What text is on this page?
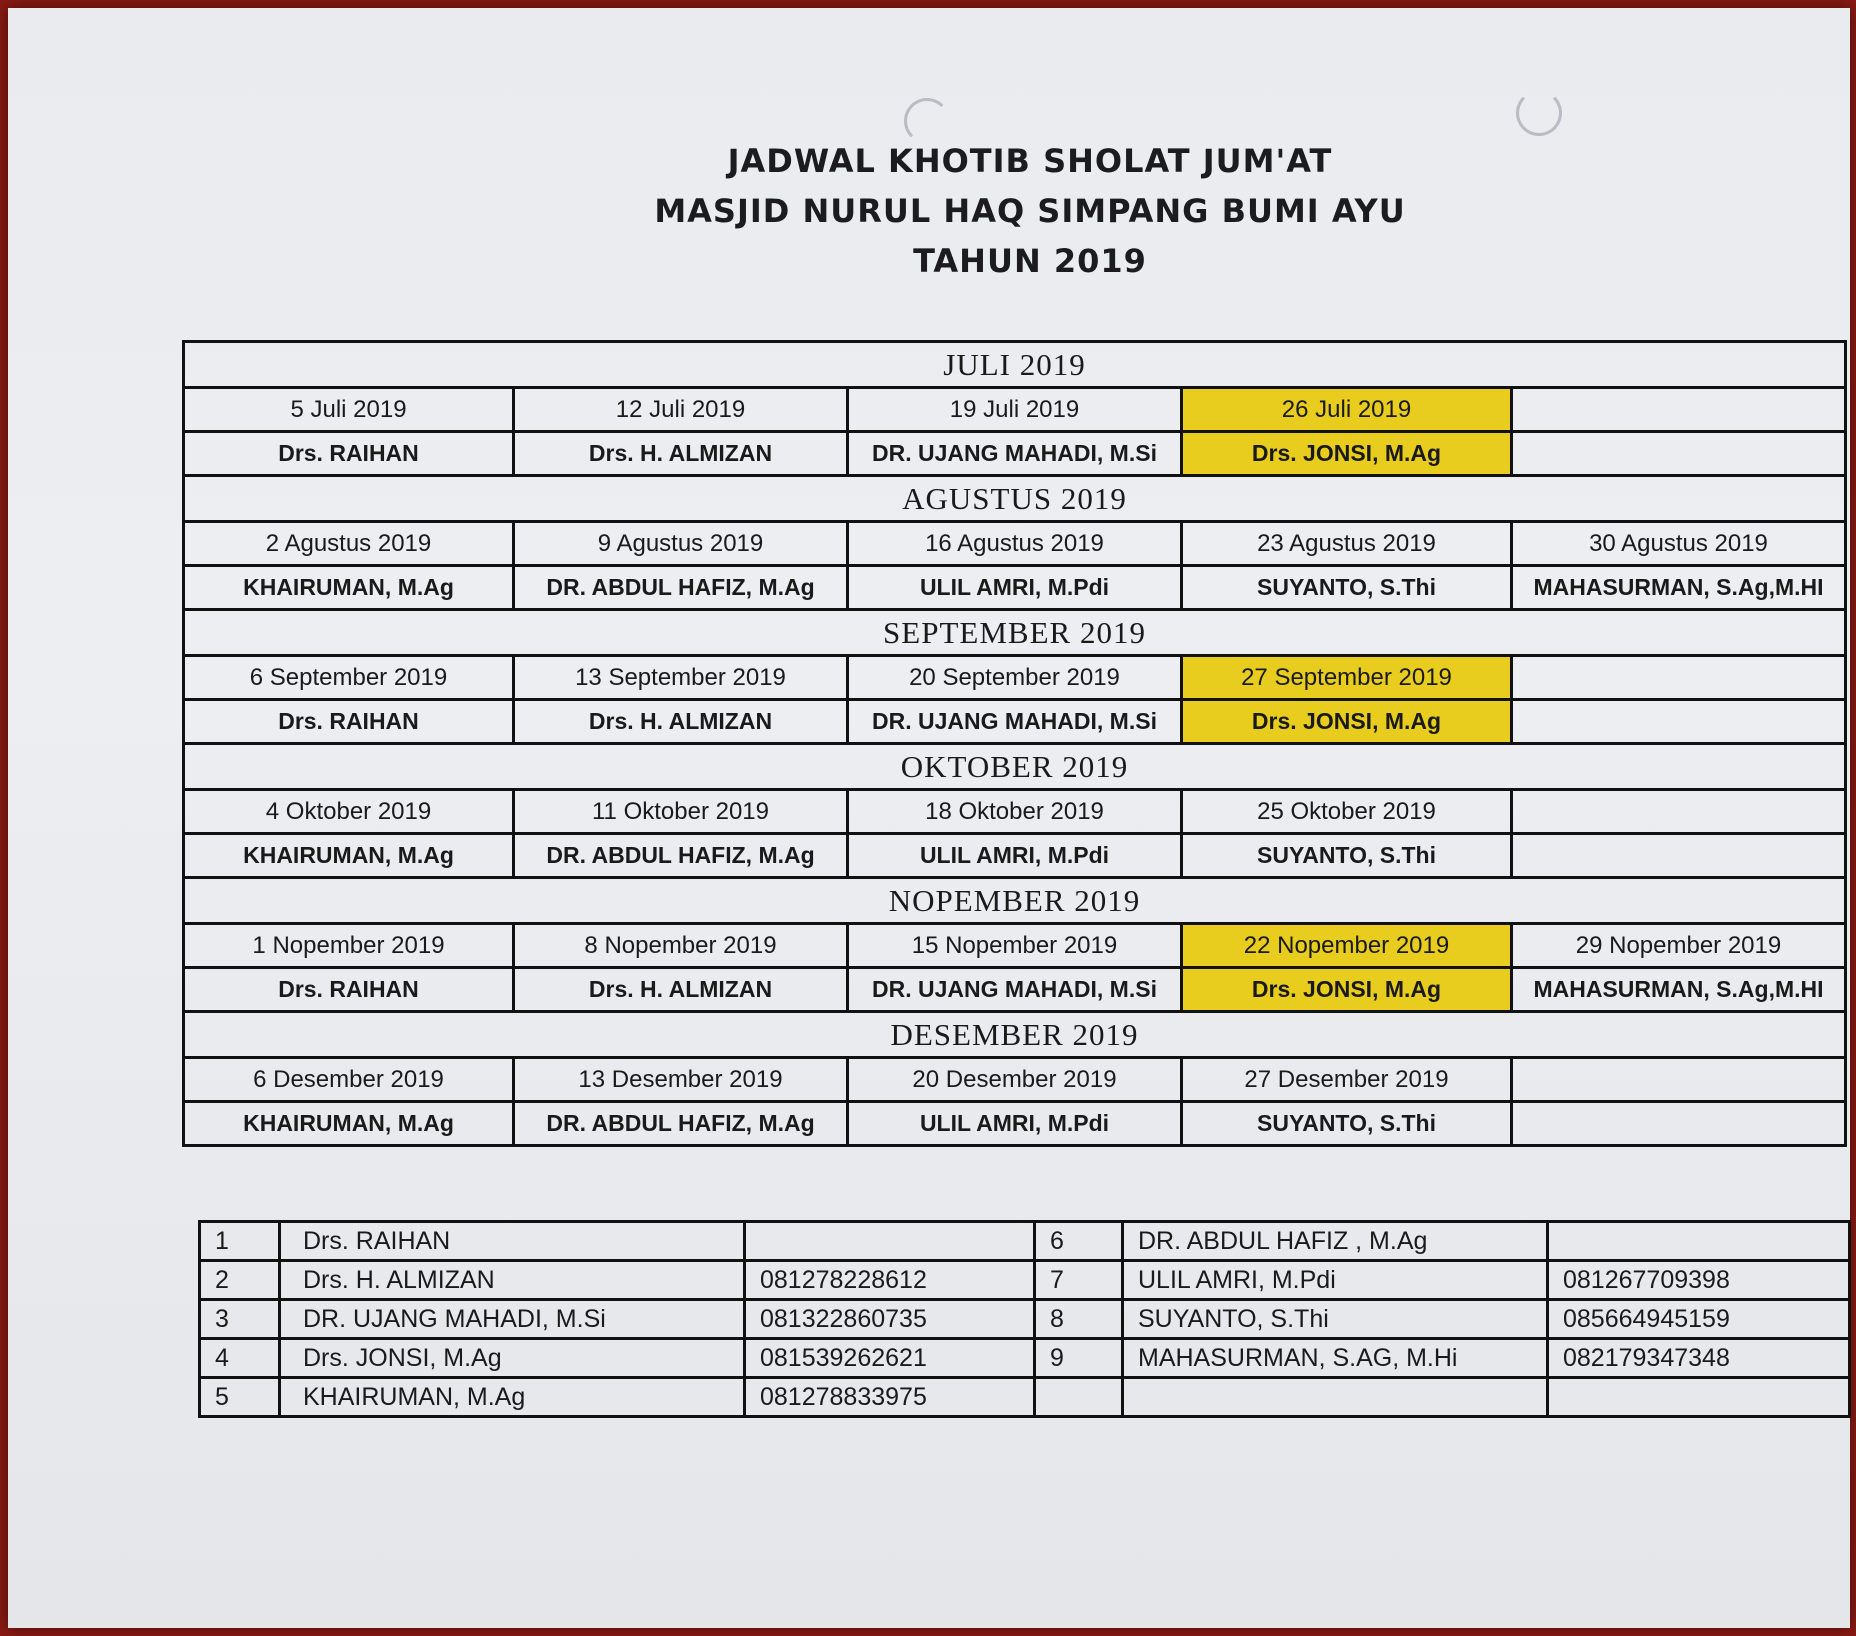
JADWAL KHOTIB SHOLAT JUM'AT
MASJID NURUL HAQ SIMPANG BUMI AYU
TAHUN 2019
JULI 2019				
5 Juli 2019	12 Juli 2019	19 Juli 2019	26 Juli 2019	
Drs. RAIHAN	Drs. H. ALMIZAN	DR. UJANG MAHADI, M.Si	Drs. JONSI, M.Ag	
AGUSTUS 2019				
2 Agustus 2019	9 Agustus 2019	16 Agustus 2019	23 Agustus 2019	30 Agustus 2019
KHAIRUMAN, M.Ag	DR. ABDUL HAFIZ, M.Ag	ULIL AMRI, M.Pdi	SUYANTO, S.Thi	MAHASURMAN, S.Ag,M.HI
SEPTEMBER 2019				
6 September 2019	13 September 2019	20 September 2019	27 September 2019	
Drs. RAIHAN	Drs. H. ALMIZAN	DR. UJANG MAHADI, M.Si	Drs. JONSI, M.Ag	
OKTOBER 2019				
4 Oktober 2019	11 Oktober 2019	18 Oktober 2019	25 Oktober 2019	
KHAIRUMAN, M.Ag	DR. ABDUL HAFIZ, M.Ag	ULIL AMRI, M.Pdi	SUYANTO, S.Thi	
NOPEMBER 2019				
1 Nopember 2019	8 Nopember 2019	15 Nopember 2019	22 Nopember 2019	29 Nopember 2019
Drs. RAIHAN	Drs. H. ALMIZAN	DR. UJANG MAHADI, M.Si	Drs. JONSI, M.Ag	MAHASURMAN, S.Ag,M.HI
DESEMBER 2019				
6 Desember 2019	13 Desember 2019	20 Desember 2019	27 Desember 2019	
KHAIRUMAN, M.Ag	DR. ABDUL HAFIZ, M.Ag	ULIL AMRI, M.Pdi	SUYANTO, S.Thi	
1	Drs. RAIHAN		6	DR. ABDUL HAFIZ , M.Ag	
2	Drs. H. ALMIZAN	081278228612	7	ULIL AMRI, M.Pdi	081267709398
3	DR. UJANG MAHADI, M.Si	081322860735	8	SUYANTO, S.Thi	085664945159
4	Drs. JONSI, M.Ag	081539262621	9	MAHASURMAN, S.AG, M.Hi	082179347348
5	KHAIRUMAN, M.Ag	081278833975			
